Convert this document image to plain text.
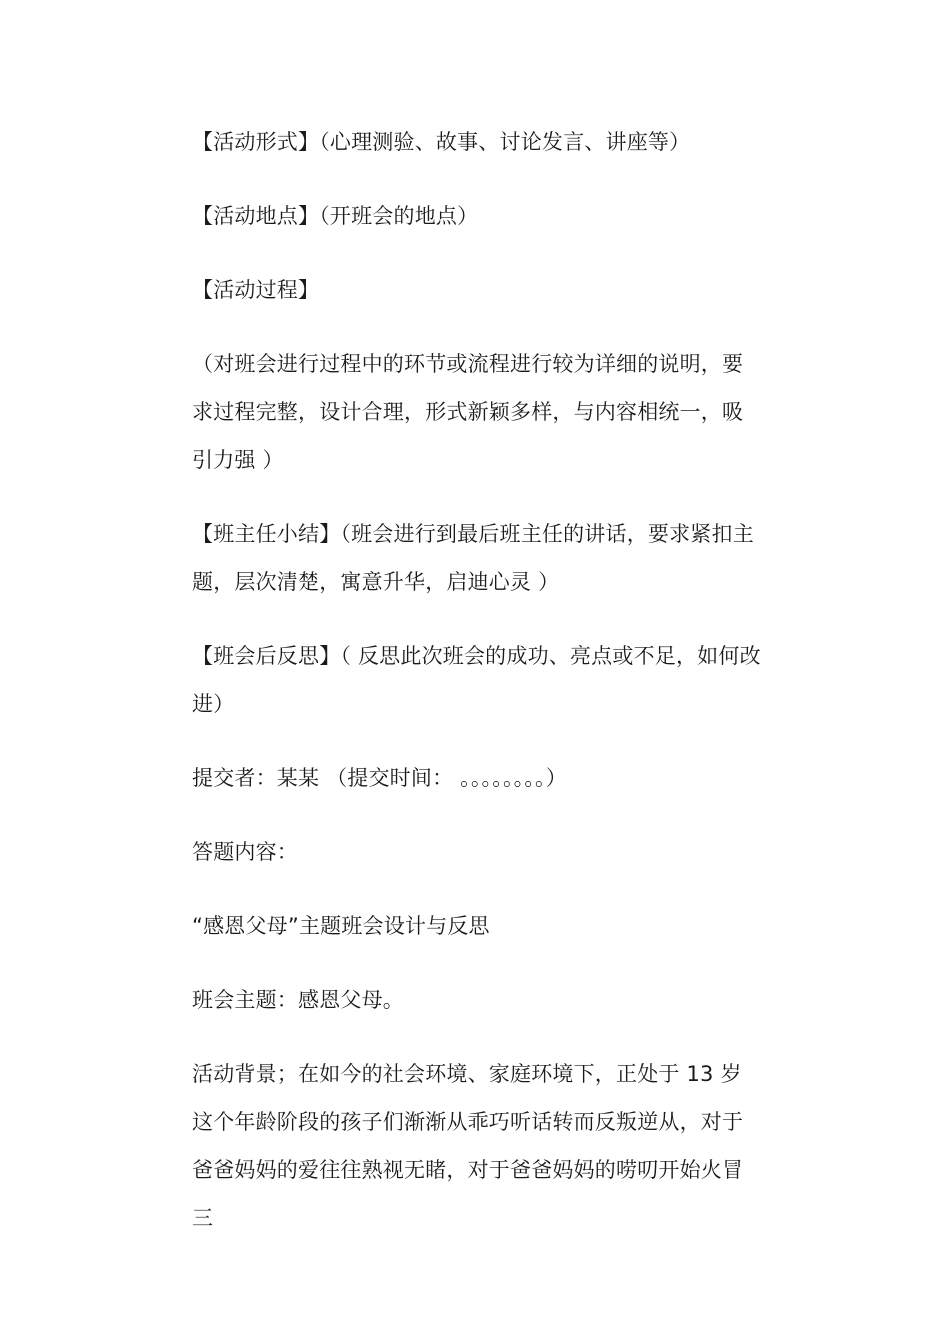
【活动形式】（心理测验、故事、讨论发言、讲座等）

【活动地点】（开班会的地点）

【活动过程】

（对班会进行过程中的环节或流程进行较为详细的说明，要求过程完整，设计合理，形式新颖多样，与内容相统一，吸引力强 ）

【班主任小结】（班会进行到最后班主任的讲话，要求紧扣主题，层次清楚，寓意升华，启迪心灵 ）

【班会后反思】（ 反思此次班会的成功、亮点或不足，如何改进）

提交者：某某 （提交时间： 。。。。。。。。）

答题内容：

“感恩父母”主题班会设计与反思

班会主题：感恩父母。

活动背景；在如今的社会环境、家庭环境下，正处于 13 岁这个年龄阶段的孩子们渐渐从乖巧听话转而反叛逆从，对于爸爸妈妈的爱往往熟视无睹，对于爸爸妈妈的唠叨开始火冒三
